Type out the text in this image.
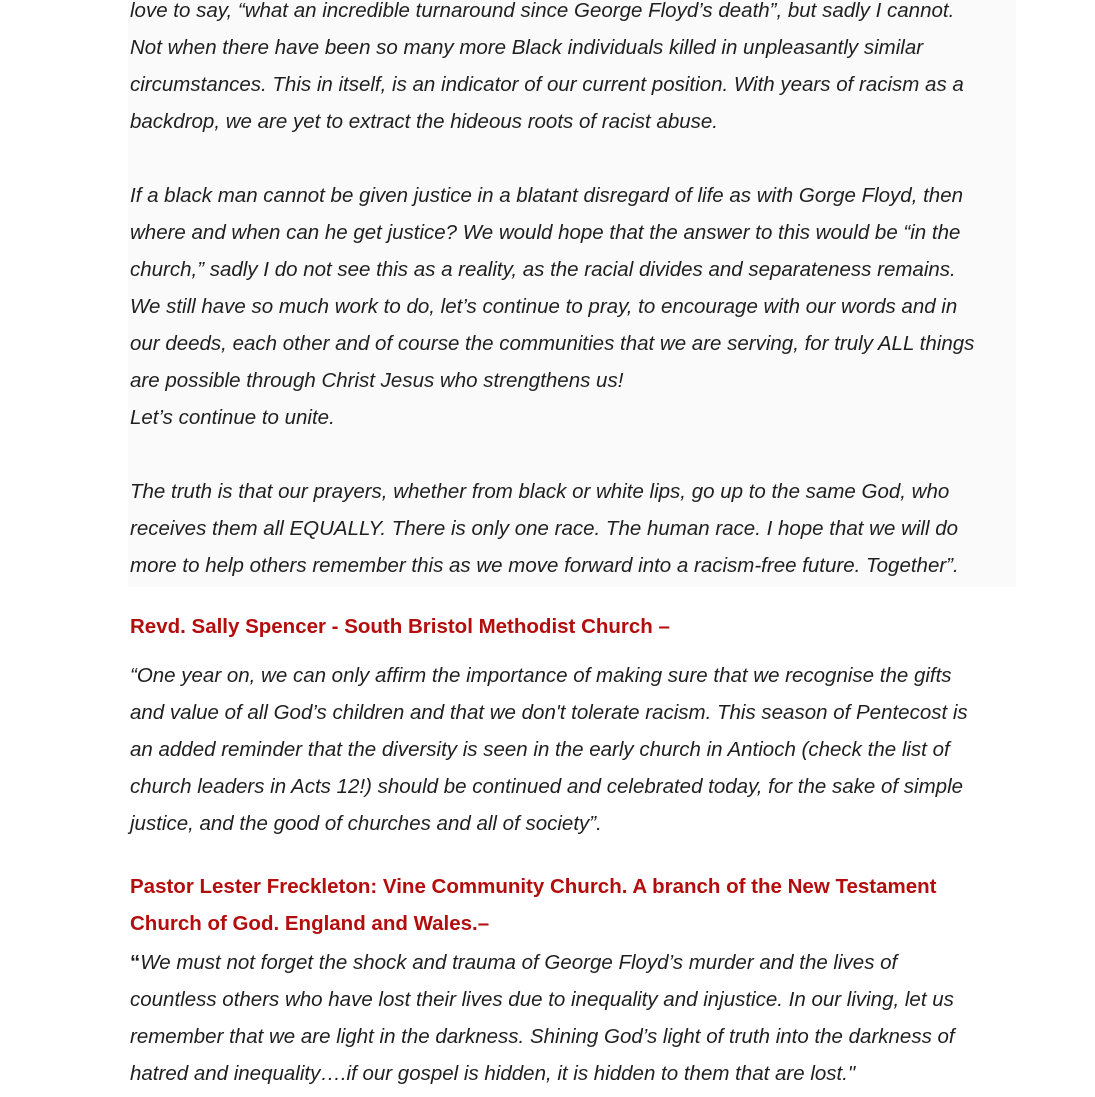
love to say, “what an incredible turnaround since George Floyd’s death”, but sadly I cannot.
Not when there have been so many more Black individuals killed in unpleasantly similar
circumstances. This in itself, is an indicator of our current position. With years of racism as a
backdrop, we are yet to extract the hideous roots of racist abuse.
If a black man cannot be given justice in a blatant disregard of life as with Gorge Floyd, then
where and when can he get justice? We would hope that the answer to this would be “in the
church,” sadly I do not see this as a reality, as the racial divides and separateness remains.
We still have so much work to do, let’s continue to pray, to encourage with our words and in
our deeds, each other and of course the communities that we are serving, for truly ALL things
are possible through Christ Jesus who strengthens us!
Let’s continue to unite.
The truth is that our prayers, whether from black or white lips, go up to the same God, who
receives them all EQUALLY. There is only one race. The human race. I hope that we will do
more to help others remember this as we move forward into a racism-free future. Together”.
Revd. Sally Spencer - South Bristol Methodist Church –
“One year on, we can only affirm the importance of making sure that we recognise the gifts
and value of all God’s children and that we don't tolerate racism. This season of Pentecost is
an added reminder that the diversity is seen in the early church in Antioch (check the list of
church leaders in Acts 12!) should be continued and celebrated today, for the sake of simple
justice, and the good of churches and all of society”.
Pastor Lester Freckleton: Vine Community Church. A branch of the New Testament
Church of God. England and Wales.–
“We must not forget the shock and trauma of George Floyd’s murder and the lives of
countless others who have lost their lives due to inequality and injustice. In our living, let us
remember that we are light in the darkness. Shining God’s light of truth into the darkness of
hatred and inequality….if our gospel is hidden, it is hidden to them that are lost."
